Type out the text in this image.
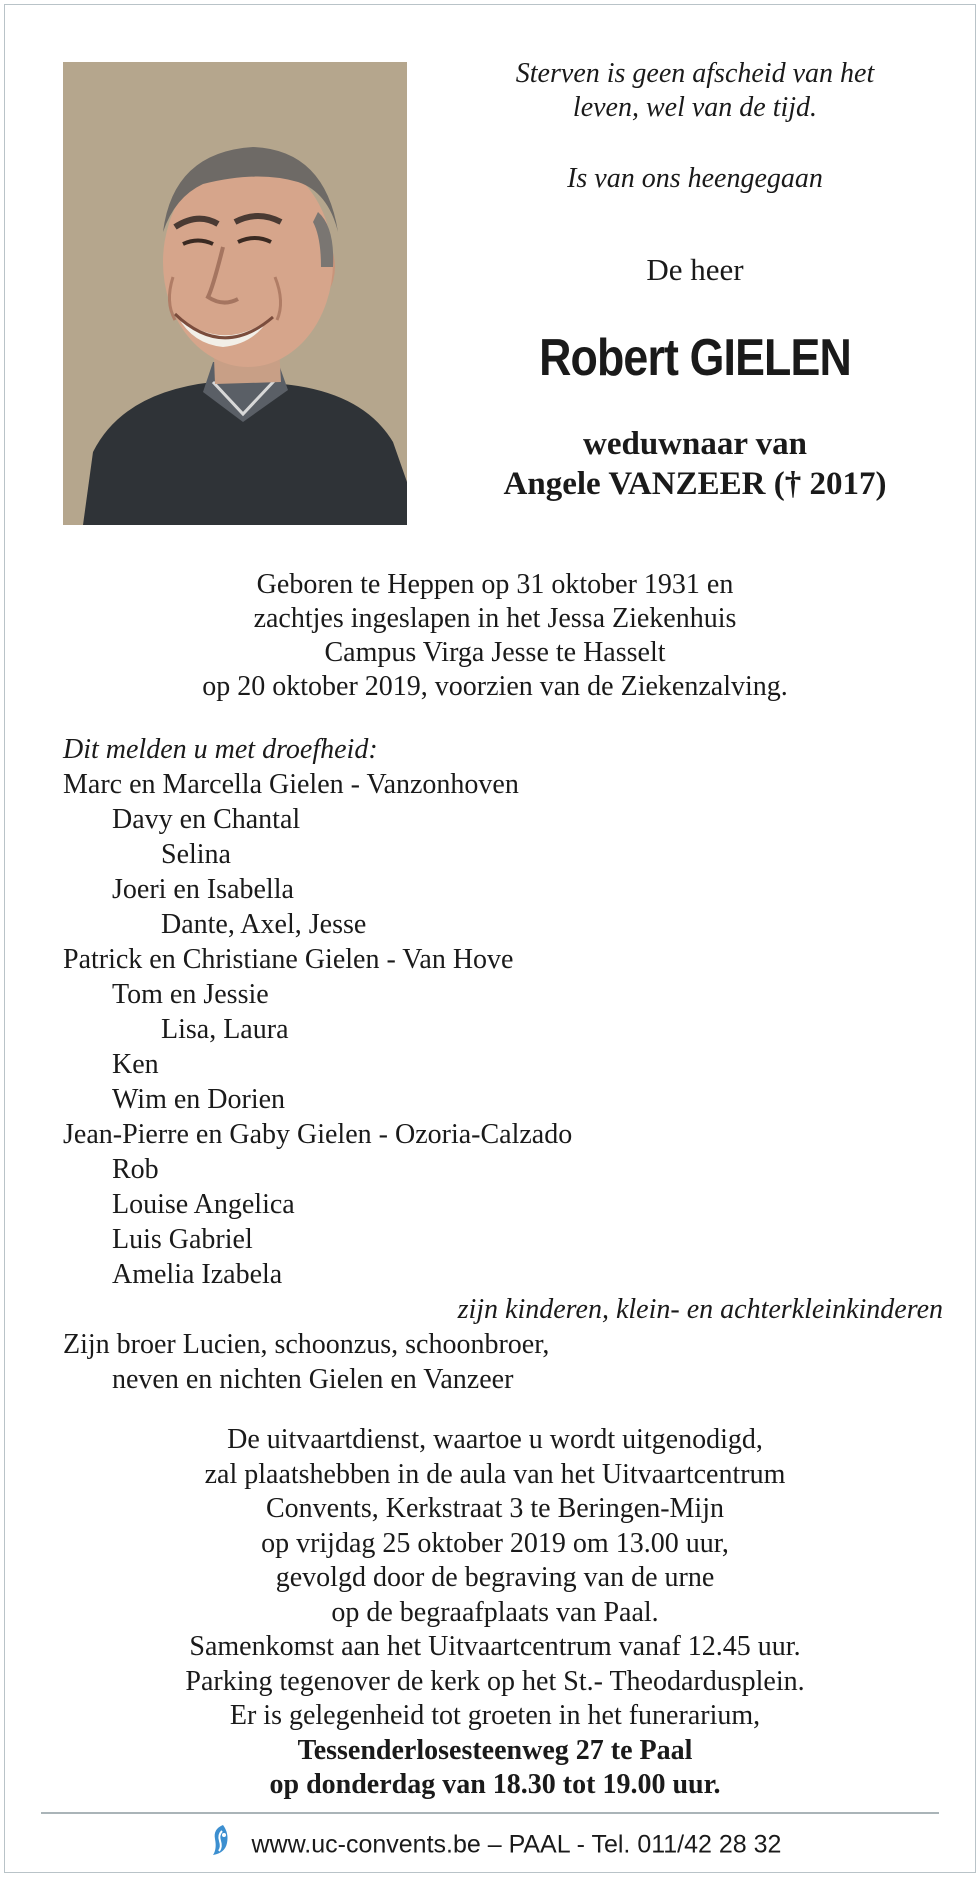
Sterven is geen afscheid van het
leven, wel van de tijd.

Is van ons heengegaan
De heer
Robert GIELEN
weduwnaar van
Angele VANZEER († 2017)
Geboren te Heppen op 31 oktober 1931 en
zachtjes ingeslapen in het Jessa Ziekenhuis
Campus Virga Jesse te Hasselt
op 20 oktober 2019, voorzien van de Ziekenzalving.
Dit melden u met droefheid:
Marc en Marcella Gielen - Vanzonhoven
Davy en Chantal
Selina
Joeri en Isabella
Dante, Axel, Jesse
Patrick en Christiane Gielen - Van Hove
Tom en Jessie
Lisa, Laura
Ken
Wim en Dorien
Jean-Pierre en Gaby Gielen - Ozoria-Calzado
Rob
Louise Angelica
Luis Gabriel
Amelia Izabela
zijn kinderen, klein- en achterkleinkinderen
Zijn broer Lucien, schoonzus, schoonbroer,
neven en nichten Gielen en Vanzeer
De uitvaartdienst, waartoe u wordt uitgenodigd,
zal plaatshebben in de aula van het Uitvaartcentrum
Convents, Kerkstraat 3 te Beringen-Mijn
op vrijdag 25 oktober 2019 om 13.00 uur,
gevolgd door de begraving van de urne
op de begraafplaats van Paal.
Samenkomst aan het Uitvaartcentrum vanaf 12.45 uur.
Parking tegenover de kerk op het St.- Theodardusplein.
Er is gelegenheid tot groeten in het funerarium,
Tessenderlosesteenweg 27 te Paal
op donderdag van 18.30 tot 19.00 uur.
www.uc-convents.be – PAAL - Tel. 011/42 28 32
